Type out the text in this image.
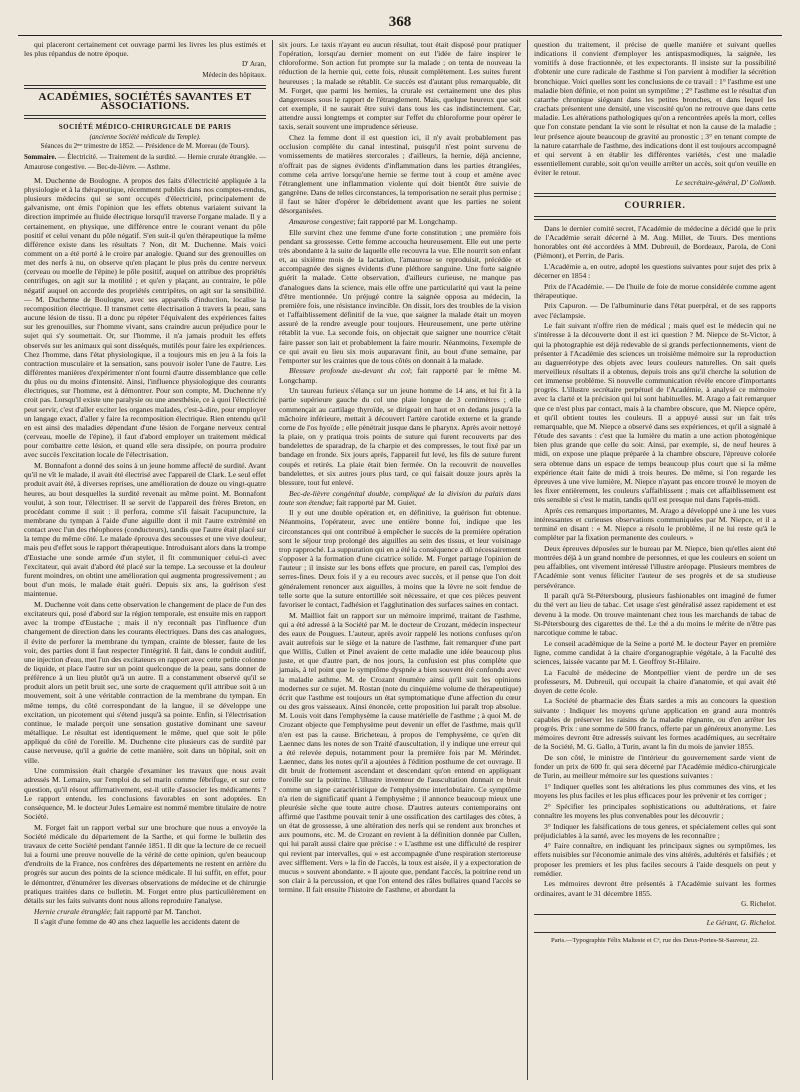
368

qui placeront certainement cet ouvrage parmi les livres les plus estimés et les plus répandus de notre époque.

D' Aran,

Médecin des hôpitaux.

ACADÉMIES, SOCIÉTÉS SAVANTES ET ASSOCIATIONS.
SOCIÉTÉ MÉDICO-CHIRURGICALE DE PARIS
(ancienne Société médicale du Temple).
Séances du 2ᵐᵉ trimestre de 1852. — Présidence de M. Moreau (de Tours).
Sommaire. — Électricité. — Traitement de la surdité. — Hernie crurale étranglée. — Amaurose congestive. — Bec-de-lièvre. — Asthme.

M. Duchenne de Boulogne. A propos des faits d'électricité appliquée à la physiologie et à la thérapeutique, récemment publiés dans nos comptes-rendus, plusieurs médecins qui se sont occupés d'électricité, principalement de galvanisme, ont émis l'opinion que les effets obtenus variaient suivant la direction imprimée au fluide électrique lorsqu'il traverse l'organe malade. Il y a certainement, en physique, une différence entre le courant venant du pôle positif et celui venant du pôle négatif. S'en suit-il qu'en thérapeutique la même différence existe dans les résultats ? Non, dit M. Duchenne. Mais voici comment on a été porté à le croire par analogie. Quand sur des grenouilles on met des nerfs à nu, on observe qu'en plaçant le plus près du centre nerveux (cerveau ou moelle de l'épine) le pôle positif, auquel on attribue des propriétés centrifuges, on agit sur la motilité ; et qu'en y plaçant, au contraire, le pôle négatif auquel on accorde des propriétés centripètes, on agit sur la sensibilité. — M. Duchenne de Boulogne, avec ses appareils d'induction, localise la recomposition électrique. Il transmet cette électrisation à travers la peau, sans aucune lésion de tissu. Il a donc pu répéter l'équivalent des expériences faites sur les grenouilles, sur l'homme vivant, sans craindre aucun préjudice pour le sujet qui s'y soumettait. Or, sur l'homme, il n'a jamais produit les effets observés sur les animaux qui sont disséqués, mutilés pour faire les expériences. Chez l'homme, dans l'état physiologique, il a toujours mis en jeu à la fois la contraction musculaire et la sensation, sans pouvoir isoler l'une de l'autre. Les différentes manières d'expérimenter n'ont fourni d'autre dissemblance que celle du plus ou du moins d'intensité. Ainsi, l'influence physiologique des courants électriques, sur l'homme, est à démontrer. Pour son compte, M. Duchenne n'y croit pas. Lorsqu'il existe une paralysie ou une anesthésie, ce à quoi l'électricité peut servir, c'est d'aller exciter les organes malades, c'est-à-dire, pour employer un langage exact, d'aller y faire la recomposition électrique. Rien entendu qu'il en est ainsi des maladies dépendant d'une lésion de l'organe nerveux central (cerveau, moelle de l'épine), il faut d'abord employer un traitement médical pour combattre cette lésion, et quand elle sera dissipée, on pourra produire avec succès l'excitation locale de l'électrisation.

M. Bonnafont a donné des soins à un jeune homme affecté de surdité. Avant qu'il ne vît le malade, il avait été électrisé avec l'appareil de Clark. Le seul effet produit avait été, à diverses reprises, une amélioration de douze ou vingt-quatre heures, au bout desquelles la surdité revenait au même point. M. Bonnafont voulut, à son tour, l'électriser. Il se servit de l'appareil des frères Breton, en procédant comme il suit : il perfora, comme s'il faisait l'acupuncture, la membrane du tympan à l'aide d'une aiguille dont il mit l'autre extrémité en contact avec l'un des rhéophores (conducteurs), tandis que l'autre était placé sur la tempe du même côté. Le malade éprouva des secousses et une vive douleur, mais peu d'effet sous le rapport thérapeutique. Introduisant alors dans la trompe d'Eustache une sonde armée d'un stylet, il fit communiquer celui-ci avec l'excitateur, qui avait d'abord été placé sur la tempe. La secousse et la douleur furent moindres, on obtint une amélioration qui augmenta progressivement ; au bout d'un mois, le malade était guéri. Depuis six ans, la guérison s'est maintenue.

M. Duchenne voit dans cette observation le changement de place de l'un des excitateurs qui, posé d'abord sur la région temporale, est ensuite mis en rapport avec la trompe d'Eustache ; mais il n'y reconnaît pas l'influence d'un changement de direction dans les courants électriques. Dans des cas analogues, il évite de perforer la membrane du tympan, crainte de blesser, faute de les voir, des parties dont il faut respecter l'intégrité. Il fait, dans le conduit auditif, une injection d'eau, met l'un des excitateurs en rapport avec cette petite colonne de liquide, et place l'autre sur un point quelconque de la peau, sans donner de préférence à un lieu plutôt qu'à un autre. Il a constamment observé qu'il se produit alors un petit bruit sec, une sorte de craquement qu'il attribue soit à un mouvement, soit à une véritable contraction de la membrane du tympan. En même temps, du côté correspondant de la langue, il se développe une excitation, un picotement qui s'étend jusqu'à sa pointe. Enfin, si l'électrisation continue, le malade perçoit une sensation gustative dominant une saveur métallique. Le résultat est identiquement le même, quel que soit le pôle appliqué du côté de l'oreille. M. Duchenne cite plusieurs cas de surdité par cause nerveuse, qu'il a guérie de cette manière, soit dans un hôpital, soit en ville.

Une commission était chargée d'examiner les travaux que nous avait adressés M. Lemaire, sur l'emploi du sel marin comme fébrifuge, et sur cette question, qu'il résout affirmativement, est-il utile d'associer les médicaments ? Le rapport entendu, les conclusions favorables en sont adoptées. En conséquence, M. le docteur Jules Lemaire est nommé membre titulaire de notre Société.

M. Forget fait un rapport verbal sur une brochure que nous a envoyée la Société médicale du département de la Sarthe, et qui forme le bulletin des travaux de cette Société pendant l'année 1851. Il dit que la lecture de ce recueil lui a fourni une preuve nouvelle de la vérité de cette opinion, qu'en beaucoup d'endroits de la France, nos confrères des départements ne restent en arrière du progrès sur aucun des points de la science médicale. Il lui suffit, en effet, pour le démontrer, d'énumérer les diverses observations de médecine et de chirurgie pratiques traitées dans ce bulletin. M. Forget entre plus particulièrement en détails sur les faits suivants dont nous allons reproduire l'analyse.

Hernie crurale étranglée; fait rapporté par M. Tanchot.

Il s'agit d'une femme de 40 ans chez laquelle les accidents datent de

six jours. Le taxis n'ayant eu aucun résultat, tout était disposé pour pratiquer l'opération, lorsqu'au dernier moment on eut l'idée de faire inspirer le chloroforme. Son action fut prompte sur la malade ; on tenta de nouveau la réduction de la hernie qui, cette fois, réussit complètement. Les suites furent heureuses ; la malade se rétablit. Ce succès est d'autant plus remarquable, dit M. Forget, que parmi les hernies, la crurale est certainement une des plus dangereuses sous le rapport de l'étranglement. Mais, quelque heureux que soit cet exemple, il ne saurait être suivi dans tous les cas indistinctement. Car, attendre aussi longtemps et compter sur l'effet du chloroforme pour opérer le taxis, serait souvent une imprudence sérieuse.

Chez la femme dont il est question ici, il n'y avait probablement pas occlusion complète du canal intestinal, puisqu'il n'est point survenu de vomissements de matières stercorales ; d'ailleurs, la hernie, déjà ancienne, n'offrait pas de signes évidents d'inflammation dans les parties étranglées, comme cela arrive lorsqu'une hernie se ferme tout à coup et amène avec l'étranglement une inflammation violente qui doit bientôt être suivie de gangrène. Dans de telles circonstances, la temporisation ne serait plus permise ; il faut se hâter d'opérer le débridement avant que les parties ne soient désorganisées.

Amaurose congestive; fait rapporté par M. Longchamp.

Elle survint chez une femme d'une forte constitution ; une première fois pendant sa grossesse. Cette femme accoucha heureusement. Elle eut une perte très abondante à la suite de laquelle elle recouvra la vue. Elle nourrit son enfant et, au sixième mois de la lactation, l'amaurose se reproduisit, précédée et accompagnée des signes évidents d'une pléthore sanguine. Une forte saignée guérit la malade. Cette observation, d'ailleurs curieuse, ne manque pas d'analogues dans la science, mais elle offre une particularité qui vaut la peine d'être mentionnée. Un préjugé contre la saignée opposa au médecin, la première fois, une résistance invincible. On dissit, lors des troubles de la vision et l'affaiblissement définitif de la vue, que saigner la malade était un moyen assuré de la rendre aveugle pour toujours. Heureusement, une perte utérine rétablit la vue. La seconde fois, on objectait que saigner une nourrice c'était faire passer son lait et probablement la faire mourir. Néanmoins, l'exemple de ce qui avait eu lieu six mois auparavant finit, au bout d'une semaine, par l'emporter sur les craintes que de tous côtés on donnait à la malade.

Blessure profonde au-devant du col; fait rapporté par le même M. Longchamp.

Un taureau furieux s'élança sur un jeune homme de 14 ans, et lui fit à la partie supérieure gauche du col une plaie longue de 3 centimètres ; elle commençait au cartilage thyroïde, se dirigeait en haut et en dedans jusqu'à la mâchoire inférieure, mettait à découvert l'artère carotide externe et la grande corne de l'os hyoïde ; elle pénétrait jusque dans le pharynx. Après avoir nettoyé la plaie, on y pratiqua trois points de suture qui furent recouverts par des bandelettes de sparadrap, de la charpie et des compresses, le tout fixé par un bandage en fronde. Six jours après, l'appareil fut levé, les fils de suture furent coupés et retirés. La plaie était bien fermée. On la recouvrit de nouvelles bandelettes, et six autres jours plus tard, ce qui faisait douze jours après la blessure, tout fut enlevé.

Bec-de-lièvre congénital double, compliqué de la division du palais dans toute son étendue; fait rapporté par M. Guiet.

Il y eut une double opération et, en définitive, la guérison fut obtenue. Néanmoins, l'opérateur, avec une entière bonne foi, indique que les circonstances qui ont contribué à empêcher le succès de la première opération sont le séjour trop prolongé des aiguilles au sein des tissus, et leur voisinage trop rapproché. La suppuration qui en a été la conséquence a dû nécessairement s'opposer à la formation d'une cicatrice solide. M. Forget partage l'opinion de l'auteur ; il insiste sur les bons effets que procure, en pareil cas, l'emploi des serres-fines. Deux fois il y a eu recours avec succès, et il pense que l'on doit généralement renoncer aux aiguilles, à moins que la lèvre ne soit fendue de telle sorte que la suture entortillée soit nécessaire, et que ces pièces peuvent favoriser le contact, l'adhésion et l'agglutination des surfaces saines en contact.

M. Mailliot fait un rapport sur un mémoire imprimé, traitant de l'asthme, qui a été adressé à la Société par M. le docteur de Crozant, médecin inspecteur des eaux de Pougues. L'auteur, après avoir rappelé les notions confuses qu'on avait autrefois sur le siège et la nature de l'asthme, fait remarquer d'une part que Willis, Cullen et Pinel avaient de cette maladie une idée beaucoup plus juste, et que d'autre part, de nos jours, la confusion est plus complète que jamais, à tel point que le symptôme dyspnée a bien souvent été confondu avec la maladie asthme. M. de Crozant énumère ainsi qu'il suit les opinions modernes sur ce sujet. M. Rostan (note du cinquième volume de thérapeutique) écrit que l'asthme est toujours un état symptomatique d'une affection du cœur ou des gros vaisseaux. Ainsi énoncée, cette proposition lui paraît trop absolue. M. Louis voit dans l'emphysème la cause matérielle de l'asthme ; à quoi M. de Crozant objecte que l'emphysème peut devenir un effet de l'asthme, mais qu'il n'en est pas la cause. Bricheteau, à propos de l'emphysème, ce qu'en dit Laennec dans les notes de son Traité d'auscultation, il y indique une erreur qui a été relevée depuis, notamment pour la première fois par M. Mérindet. Laennec, dans les notes qu'il a ajoutées à l'édition posthume de cet ouvrage. Il dit bruit de frottement ascendant et descendant qu'on entend en appliquant l'oreille sur la poitrine. L'illustre inventeur de l'auscultation donnait ce bruit comme un signe caractéristique de l'emphysème interlobulaire. Ce symptôme n'a rien de significatif quant à l'emphysème ; il annonce beaucoup mieux une pleurésie sèche que toute autre chose. D'autres auteurs contemporains ont affirmé que l'asthme pouvait tenir à une ossification des cartilages des côtes, à un état de grossesse, à une altération des nerfs qui se rendent aux bronches et aux poumons, etc. M. de Crozant en revient à la définition donnée par Cullen, qui lui paraît aussi claire que précise : « L'asthme est une difficulté de respirer qui revient par intervalles, qui » est accompagnée d'une respiration stertoreuse avec sifflement. Vers » la fin de l'accès, la toux est aisée, il y a expectoration de mucus » souvent abondante. » Il ajoute que, pendant l'accès, la poitrine rend un son clair à la percussion, et que l'on entend des râles bullaires quand l'accès se termine. Il fait ensuite l'histoire de l'asthme, et abordant la

question du traitement, il précise de quelle manière et suivant quelles indications il convient d'employer les antispasmodiques, la saignée, les vomitifs à dose fractionnée, et les expectorants. Il insiste sur la possibilité d'obtenir une cure radicale de l'asthme si l'on parvient à modifier la sécrétion bronchique. Voici quelles sont les conclusions de ce travail : 1° l'asthme est une maladie bien définie, et non point un symptôme ; 2° l'asthme est le résultat d'un catarrhe chronique siégeant dans les petites bronches, et dans lequel les crachats présentent une densité, une viscosité qu'on ne retrouve que dans cette maladie. Les altérations pathologiques qu'on a rencontrées après la mort, celles que l'on constate pendant la vie sont le résultat et non la cause de la maladie ; leur présence ajoute beaucoup de gravité au pronostic ; 3° en tenant compte de la nature catarrhale de l'asthme, des indications dont il est toujours accompagné et qui servent à en établir les différentes variétés, c'est une maladie essentiellement curable, soit qu'on veuille arrêter un accès, soit qu'on veuille en éviter le retour.

Le secrétaire-général, D' Collomb.

COURRIER.

Dans le dernier comité secret, l'Académie de médecine a décidé que le prix de l'Académie serait décerné à M. Aug. Millet, de Tours. Des mentions honorables ont été accordées à MM. Dubreuil, de Bordeaux, Parola, de Coni (Piémont), et Perrin, de Paris.

L'Académie a, en outre, adopté les questions suivantes pour sujet des prix à décerner en 1854 :

Prix de l'Académie. — De l'huile de foie de morue considérée comme agent thérapeutique.

Prix Capuron. — De l'albuminurie dans l'état puerpéral, et de ses rapports avec l'éclampsie.

Le fait suivant n'offre rien de médical ; mais quel est le médecin qui ne s'intéresse à la découverte dont il est ici question ? M. Niepce de St-Victor, à qui la photographie est déjà redevable de si grands perfectionnements, vient de présenter à l'Académie des sciences un troisième mémoire sur la reproduction au daguerréotype des objets avec leurs couleurs naturelles. On sait quels merveilleux résultats il a obtenus, depuis trois ans qu'il cherche la solution de cet immense problème. Si nouvelle communication révèle encore d'importants progrès. L'illustre secrétaire perpétuel de l'Académie, à analysé ce mémoire avec la clarté et la précision qui lui sont habituelles. M. Arago a fait remarquer que ce n'est plus par contact, mais à la chambre obscure, que M. Niepce opère, et qu'il obtient toutes les couleurs. Il a appuyé aussi sur un fait très remarquable, que M. Niepce a observé dans ses expériences, et qu'il a signalé à l'étude des savants : c'est que la lumière du matin a une action photogénique bien plus grande que celle du soir. Ainsi, par exemple, si, de neuf heures à midi, on expose une plaque préparée à la chambre obscure, l'épreuve colorée sera obtenue dans un espace de temps beaucoup plus court que si la même expérience était faite de midi à trois heures. De même, si l'on regarde les épreuves à une vive lumière, M. Niepce n'ayant pas encore trouvé le moyen de les fixer entièrement, les couleurs s'affaiblissent ; mais cet affaiblissement est très sensible si c'est le matin, tandis qu'il est presque nul dans l'après-midi.

Après ces remarques importantes, M. Arago a développé une à une les vues intéressantes et curieuses observations communiquées par M. Niepce, et il a terminé en disant : « M. Niepce a résolu le problème, il ne lui reste qu'à le compléter par la fixation permanente des couleurs. »

Deux épreuves déposées sur le bureau par M. Niepce, bien qu'elles aient été montrées déjà à un grand nombre de personnes, et que les couleurs en soient un peu affaiblies, ont vivement intéressé l'illustre aréopage. Plusieurs membres de l'Académie sont venus féliciter l'auteur de ses progrès et de sa studieuse persévérance.

Il paraît qu'à St-Pétersbourg, plusieurs fashionables ont imaginé de fumer du thé vert au lieu de tabac. Cet usage s'est généralisé assez rapidement et est devenu à la mode. On trouve maintenant chez tous les marchands de tabac de St-Pétersbourg des cigarettes de thé. Le thé a du moins le mérite de n'être pas narcotique comme le tabac.

Le conseil académique de la Seine a porté M. le docteur Payer en première ligne, comme candidat à la chaire d'organographie végétale, à la Faculté des sciences, laissée vacante par M. I. Geoffroy St-Hilaire.

La Faculté de médecine de Montpellier vient de perdre un de ses professeurs, M. Dubreuil, qui occupait la chaire d'anatomie, et qui avait été doyen de cette école.

La Société de pharmacie des États sardes a mis au concours la question suivante : Indiquer les moyens qu'une application en grand aura montrés capables de préserver les raisins de la maladie régnante, ou d'en arrêter les progrès. Prix : une somme de 500 francs, offerte par un généreux anonyme. Les mémoires devront être adressés suivant les formes académiques, au secrétaire de la Société, M. G. Gallo, à Turin, avant la fin du mois de janvier 1855.

De son côté, le ministre de l'intérieur du gouvernement sarde vient de fonder un prix de 600 fr. qui sera décerné par l'Académie médico-chirurgicale de Turin, au meilleur mémoire sur les questions suivantes :

1° Indiquer quelles sont les altérations les plus communes des vins, et les moyens les plus faciles et les plus efficaces pour les prévenir et les corriger ;

2° Spécifier les principales sophistications ou adultérations, et faire connaître les moyens les plus convenables pour les découvrir ;

3° Indiquer les falsifications de tous genres, et spécialement celles qui sont préjudiciables à la santé, avec les moyens de les reconnaître ;

4° Faire connaître, en indiquant les principaux signes ou symptômes, les effets nuisibles sur l'économie animale des vins altérés, adultérés et falsifiés ; et proposer les premiers et les plus faciles secours à l'aide desquels on peut y remédier.

Les mémoires devront être présentés à l'Académie suivant les formes ordinaires, avant le 31 décembre 1855.

G. Richelot.

Le Gérant, G. Richelot.

Paris.—Typographie Félix Malteste et Cᵉ, rue des Deux-Portes-St-Sauveur, 22.
